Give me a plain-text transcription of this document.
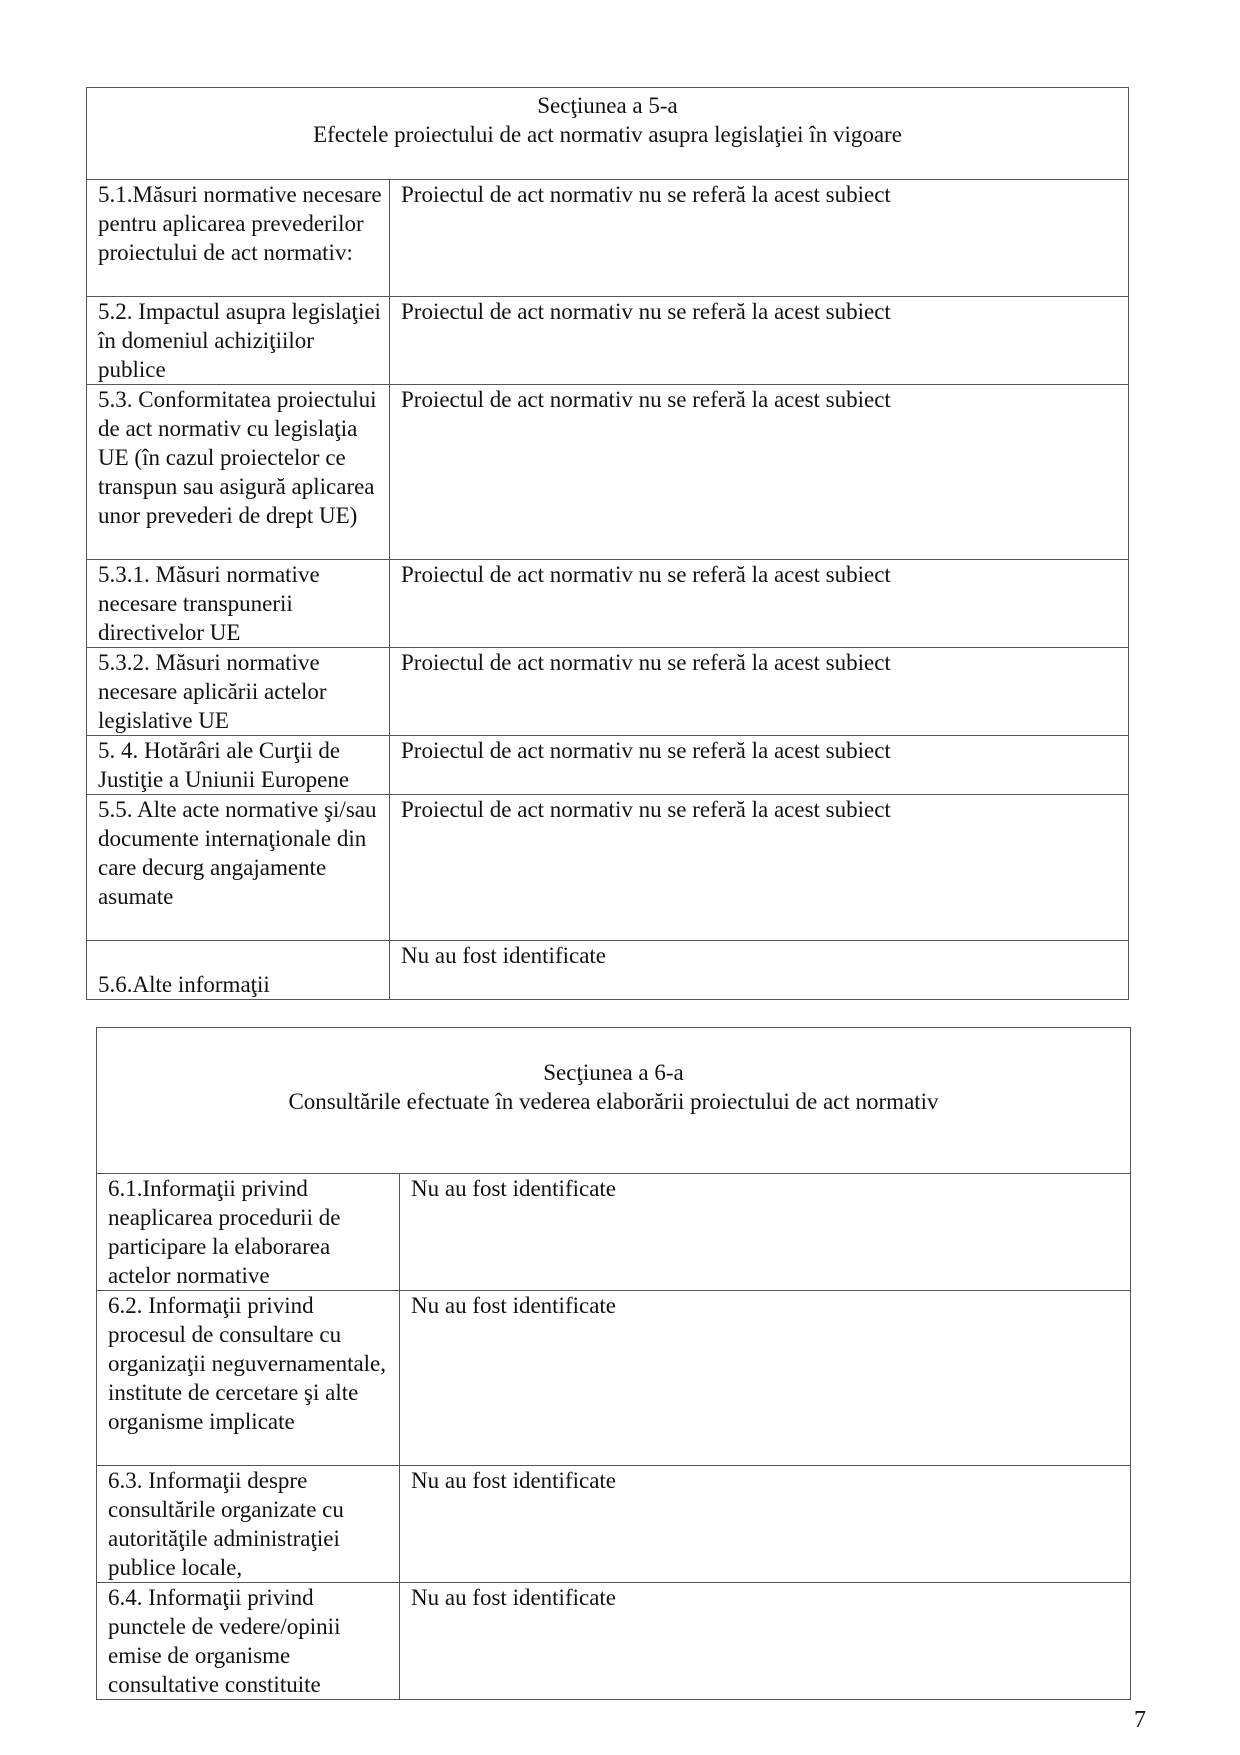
Secţiunea a 5-a
Efectele proiectului de act normativ asupra legislaţiei în vigoare	

5.1.Măsuri normative necesare pentru aplicarea prevederilor proiectului de act normativ:	Proiectul de act normativ nu se referă la acest subiect
5.2. Impactul asupra legislaţiei în domeniul achiziţiilor publice	Proiectul de act normativ nu se referă la acest subiect
5.3. Conformitatea proiectului de act normativ cu legislaţia UE (în cazul proiectelor ce transpun sau asigură aplicarea unor prevederi de drept UE)	Proiectul de act normativ nu se referă la acest subiect
5.3.1. Măsuri normative necesare transpunerii directivelor UE	Proiectul de act normativ nu se referă la acest subiect
5.3.2. Măsuri normative necesare aplicării actelor legislative UE	Proiectul de act normativ nu se referă la acest subiect
5. 4. Hotărâri ale Curţii de Justiţie a Uniunii Europene	Proiectul de act normativ nu se referă la acest subiect
5.5. Alte acte normative şi/sau documente internaţionale din care decurg angajamente asumate	Proiectul de act normativ nu se referă la acest subiect
5.6.Alte informaţii	Nu au fost identificate
Secţiunea a 6-a
Consultările efectuate în vederea elaborării proiectului de act normativ	

6.1.Informaţii privind neaplicarea procedurii de participare la elaborarea actelor normative	Nu au fost identificate
6.2. Informaţii privind procesul de consultare cu organizaţii neguvernamentale, institute de cercetare şi alte organisme implicate	Nu au fost identificate
6.3. Informaţii despre consultările organizate cu autorităţile administraţiei publice locale,	Nu au fost identificate
6.4. Informaţii privind punctele de vedere/opinii emise de organisme consultative constituite	Nu au fost identificate
7
